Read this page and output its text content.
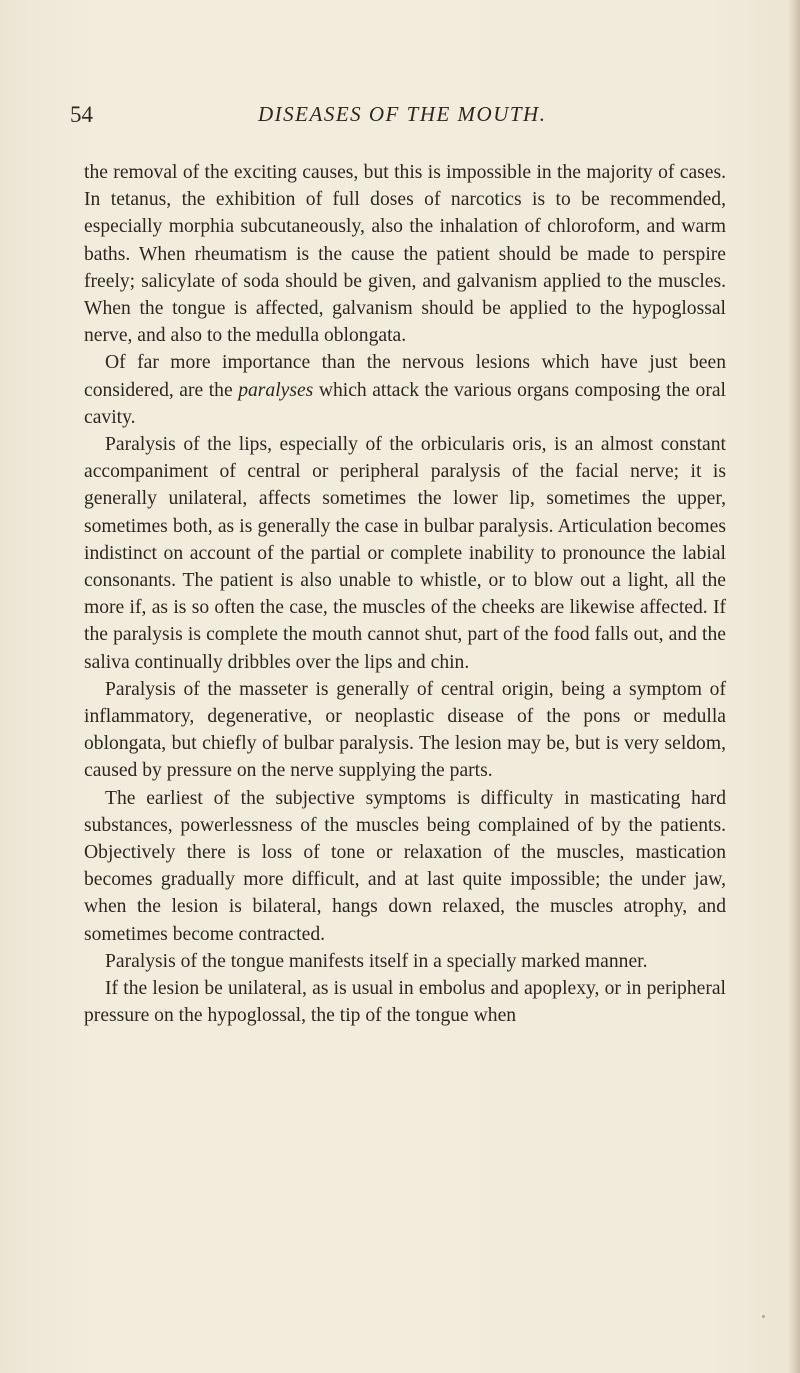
54	DISEASES OF THE MOUTH.

the removal of the exciting causes, but this is impossible in the majority of cases. In tetanus, the exhibition of full doses of narcotics is to be recommended, especially morphia subcutaneously, also the inhalation of chloroform, and warm baths. When rheumatism is the cause the patient should be made to perspire freely; salicylate of soda should be given, and galvanism applied to the muscles. When the tongue is affected, galvanism should be applied to the hypoglossal nerve, and also to the medulla oblongata.

Of far more importance than the nervous lesions which have just been considered, are the paralyses which attack the various organs composing the oral cavity.

Paralysis of the lips, especially of the orbicularis oris, is an almost constant accompaniment of central or peripheral paralysis of the facial nerve; it is generally unilateral, affects sometimes the lower lip, sometimes the upper, sometimes both, as is generally the case in bulbar paralysis. Articulation becomes indistinct on account of the partial or complete inability to pronounce the labial consonants. The patient is also unable to whistle, or to blow out a light, all the more if, as is so often the case, the muscles of the cheeks are likewise affected. If the paralysis is complete the mouth cannot shut, part of the food falls out, and the saliva continually dribbles over the lips and chin.

Paralysis of the masseter is generally of central origin, being a symptom of inflammatory, degenerative, or neoplastic disease of the pons or medulla oblongata, but chiefly of bulbar paralysis. The lesion may be, but is very seldom, caused by pressure on the nerve supplying the parts.

The earliest of the subjective symptoms is difficulty in masticating hard substances, powerlessness of the muscles being complained of by the patients. Objectively there is loss of tone or relaxation of the muscles, mastication becomes gradually more difficult, and at last quite impossible; the under jaw, when the lesion is bilateral, hangs down relaxed, the muscles atrophy, and sometimes become contracted.

Paralysis of the tongue manifests itself in a specially marked manner.

If the lesion be unilateral, as is usual in embolus and apoplexy, or in peripheral pressure on the hypoglossal, the tip of the tongue when
